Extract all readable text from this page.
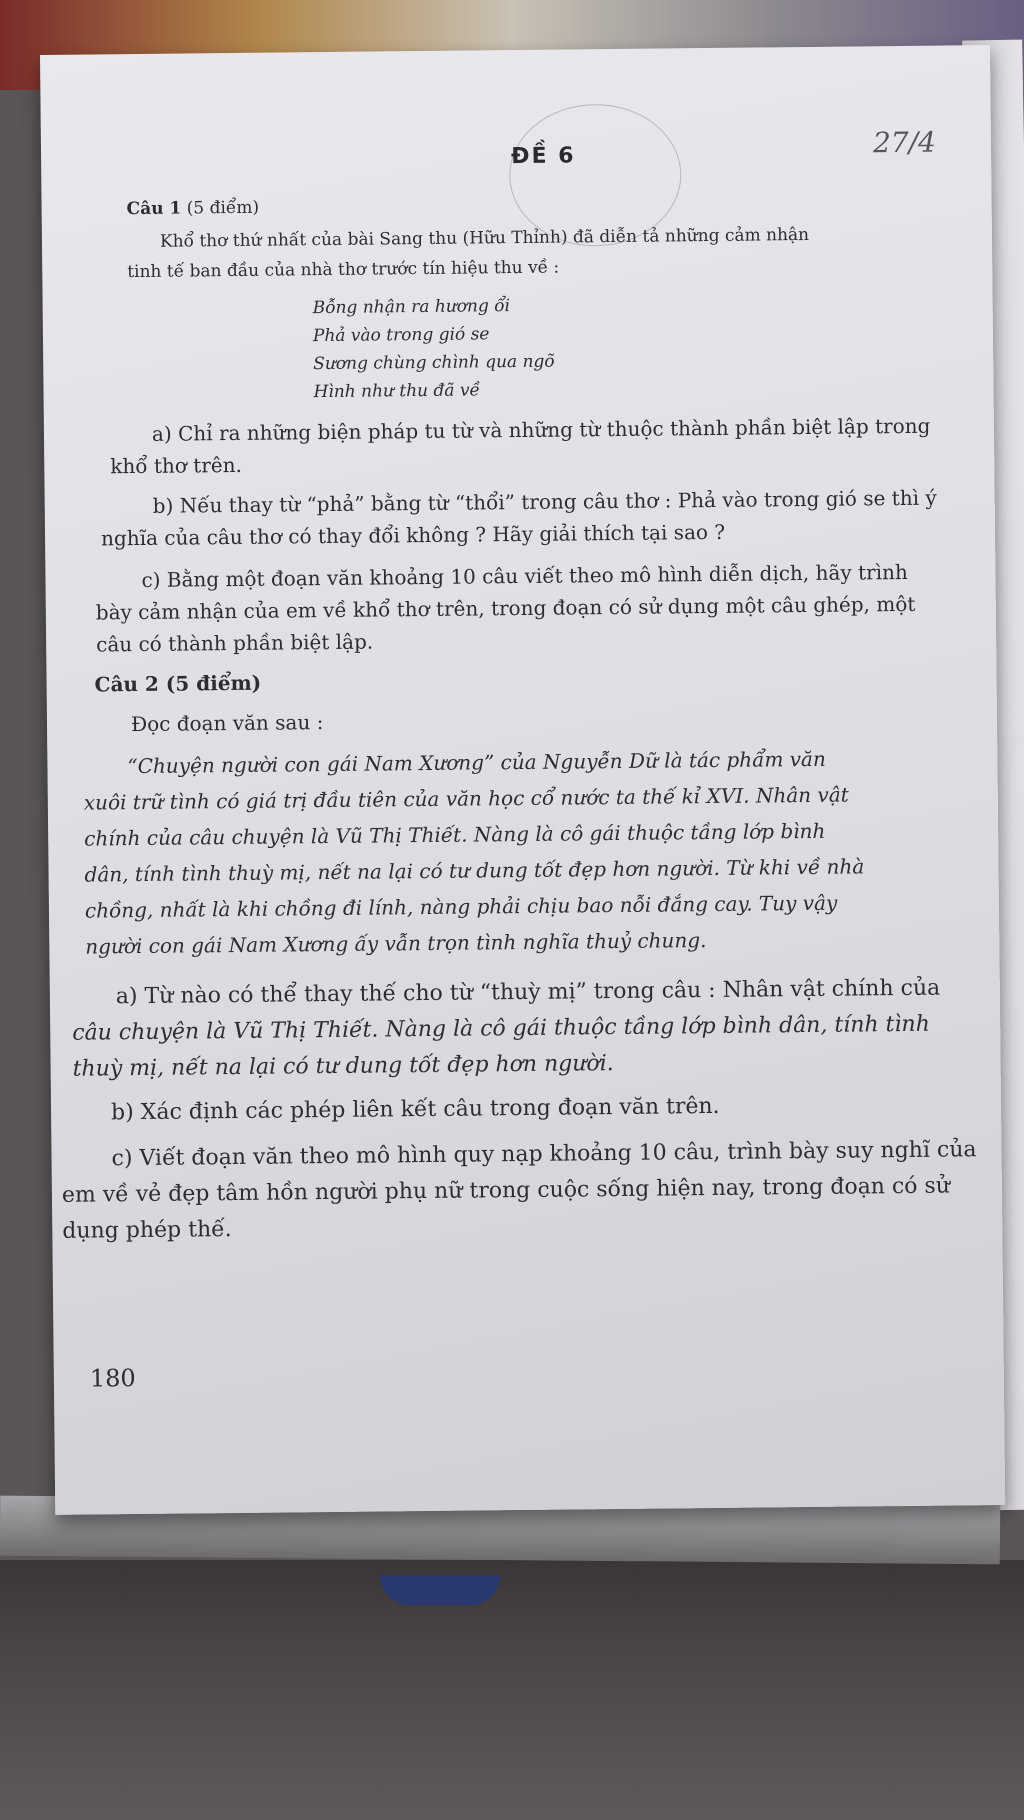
ĐỀ 6	27/4
Câu 1 (5 điểm)
Khổ thơ thứ nhất của bài Sang thu (Hữu Thỉnh) đã diễn tả những cảm nhận
tinh tế ban đầu của nhà thơ trước tín hiệu thu về :
Bỗng nhận ra hương ổi
Phả vào trong gió se
Sương chùng chình qua ngõ
Hình như thu đã về
a) Chỉ ra những biện pháp tu từ và những từ thuộc thành phần biệt lập trong
khổ thơ trên.
b) Nếu thay từ “phả” bằng từ “thổi” trong câu thơ : Phả vào trong gió se thì ý
nghĩa của câu thơ có thay đổi không ? Hãy giải thích tại sao ?
c) Bằng một đoạn văn khoảng 10 câu viết theo mô hình diễn dịch, hãy trình
bày cảm nhận của em về khổ thơ trên, trong đoạn có sử dụng một câu ghép, một
câu có thành phần biệt lập.
Câu 2 (5 điểm)
Đọc đoạn văn sau :
“Chuyện người con gái Nam Xương” của Nguyễn Dữ là tác phẩm văn
xuôi trữ tình có giá trị đầu tiên của văn học cổ nước ta thế kỉ XVI. Nhân vật
chính của câu chuyện là Vũ Thị Thiết. Nàng là cô gái thuộc tầng lớp bình
dân, tính tình thuỳ mị, nết na lại có tư dung tốt đẹp hơn người. Từ khi về nhà
chồng, nhất là khi chồng đi lính, nàng phải chịu bao nỗi đắng cay. Tuy vậy
người con gái Nam Xương ấy vẫn trọn tình nghĩa thuỷ chung.
a) Từ nào có thể thay thế cho từ “thuỳ mị” trong câu : Nhân vật chính của
câu chuyện là Vũ Thị Thiết. Nàng là cô gái thuộc tầng lớp bình dân, tính tình
thuỳ mị, nết na lại có tư dung tốt đẹp hơn người.
b) Xác định các phép liên kết câu trong đoạn văn trên.
c) Viết đoạn văn theo mô hình quy nạp khoảng 10 câu, trình bày suy nghĩ của
em về vẻ đẹp tâm hồn người phụ nữ trong cuộc sống hiện nay, trong đoạn có sử
dụng phép thế.
180
